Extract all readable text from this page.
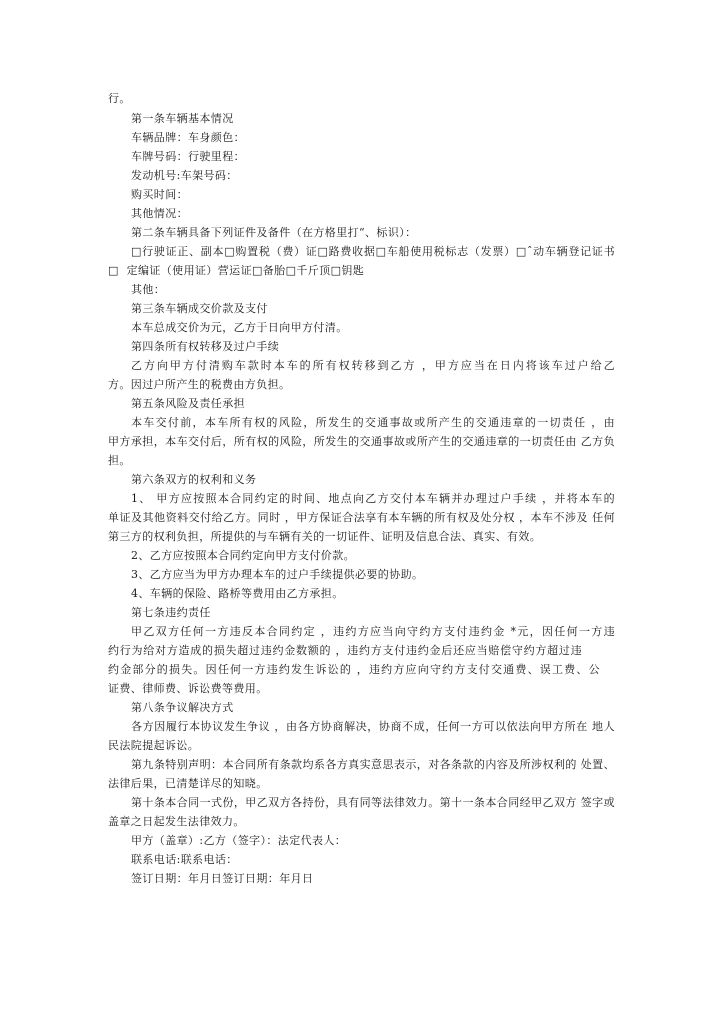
行。
第一条车辆基本情况
车辆品牌：车身颜色：
车牌号码：行驶里程：
发动机号:车架号码：
购买时间：
其他情况：
第二条车辆具备下列证件及备件（在方格里打“、标识）：
□行驶证正、副本□购置税（费）证□路费收据□车船使用税标志（发票）□ˆ动车辆登记证书
□  定编证（使用证）营运证□备胎□千斤顶□钥匙
其他：
第三条车辆成交价款及支付
本车总成交价为元，乙方于日向甲方付清。
第四条所有权转移及过户手续
乙方向甲方付清购车款时本车的所有权转移到乙方 ，甲方应当在日内将该车过户给乙
方。因过户所产生的税费由方负担。
第五条风险及责任承担
本车交付前，本车所有权的风险，所发生的交通事故或所产生的交通违章的一切责任 ，由
甲方承担，本车交付后，所有权的风险，所发生的交通事故或所产生的交通违章的一切责任由 乙方负
担。
第六条双方的权利和义务
1、 甲方应按照本合同约定的时间、地点向乙方交付本车辆并办理过户手续 ，并将本车的
单证及其他资料交付给乙方。同时 ，甲方保证合法享有本车辆的所有权及处分权 ，本车不涉及 任何
第三方的权利负担，所提供的与车辆有关的一切证件、证明及信息合法、真实、有效。
2、乙方应按照本合同约定向甲方支付价款。
3、乙方应当为甲方办理本车的过户手续提供必要的协助。
4、车辆的保险、路桥等费用由乙方承担。
第七条违约责任
甲乙双方任何一方违反本合同约定 ，违约方应当向守约方支付违约金 *元，因任何一方违
约行为给对方造成的损失超过违约金数额的 ，违约方支付违约金后还应当赔偿守约方超过违
约金部分的损失。因任何一方违约发生诉讼的 ，违约方应向守约方支付交通费、误工费、公
证费、律师费、诉讼费等费用。
第八条争议解决方式
各方因履行本协议发生争议 ，由各方协商解决，协商不成，任何一方可以依法向甲方所在 地人
民法院提起诉讼。
第九条特别声明：本合同所有条款均系各方真实意思表示，对各条款的内容及所涉权利的 处置、
法律后果，已清楚详尽的知晓。
第十条本合同一式份，甲乙双方各持份，具有同等法律效力。第十一条本合同经甲乙双方 签字或
盖章之日起发生法律效力。
甲方（盖章）:乙方（签字）：法定代表人：
联系电话:联系电话：
签订日期：年月日签订日期：年月日
